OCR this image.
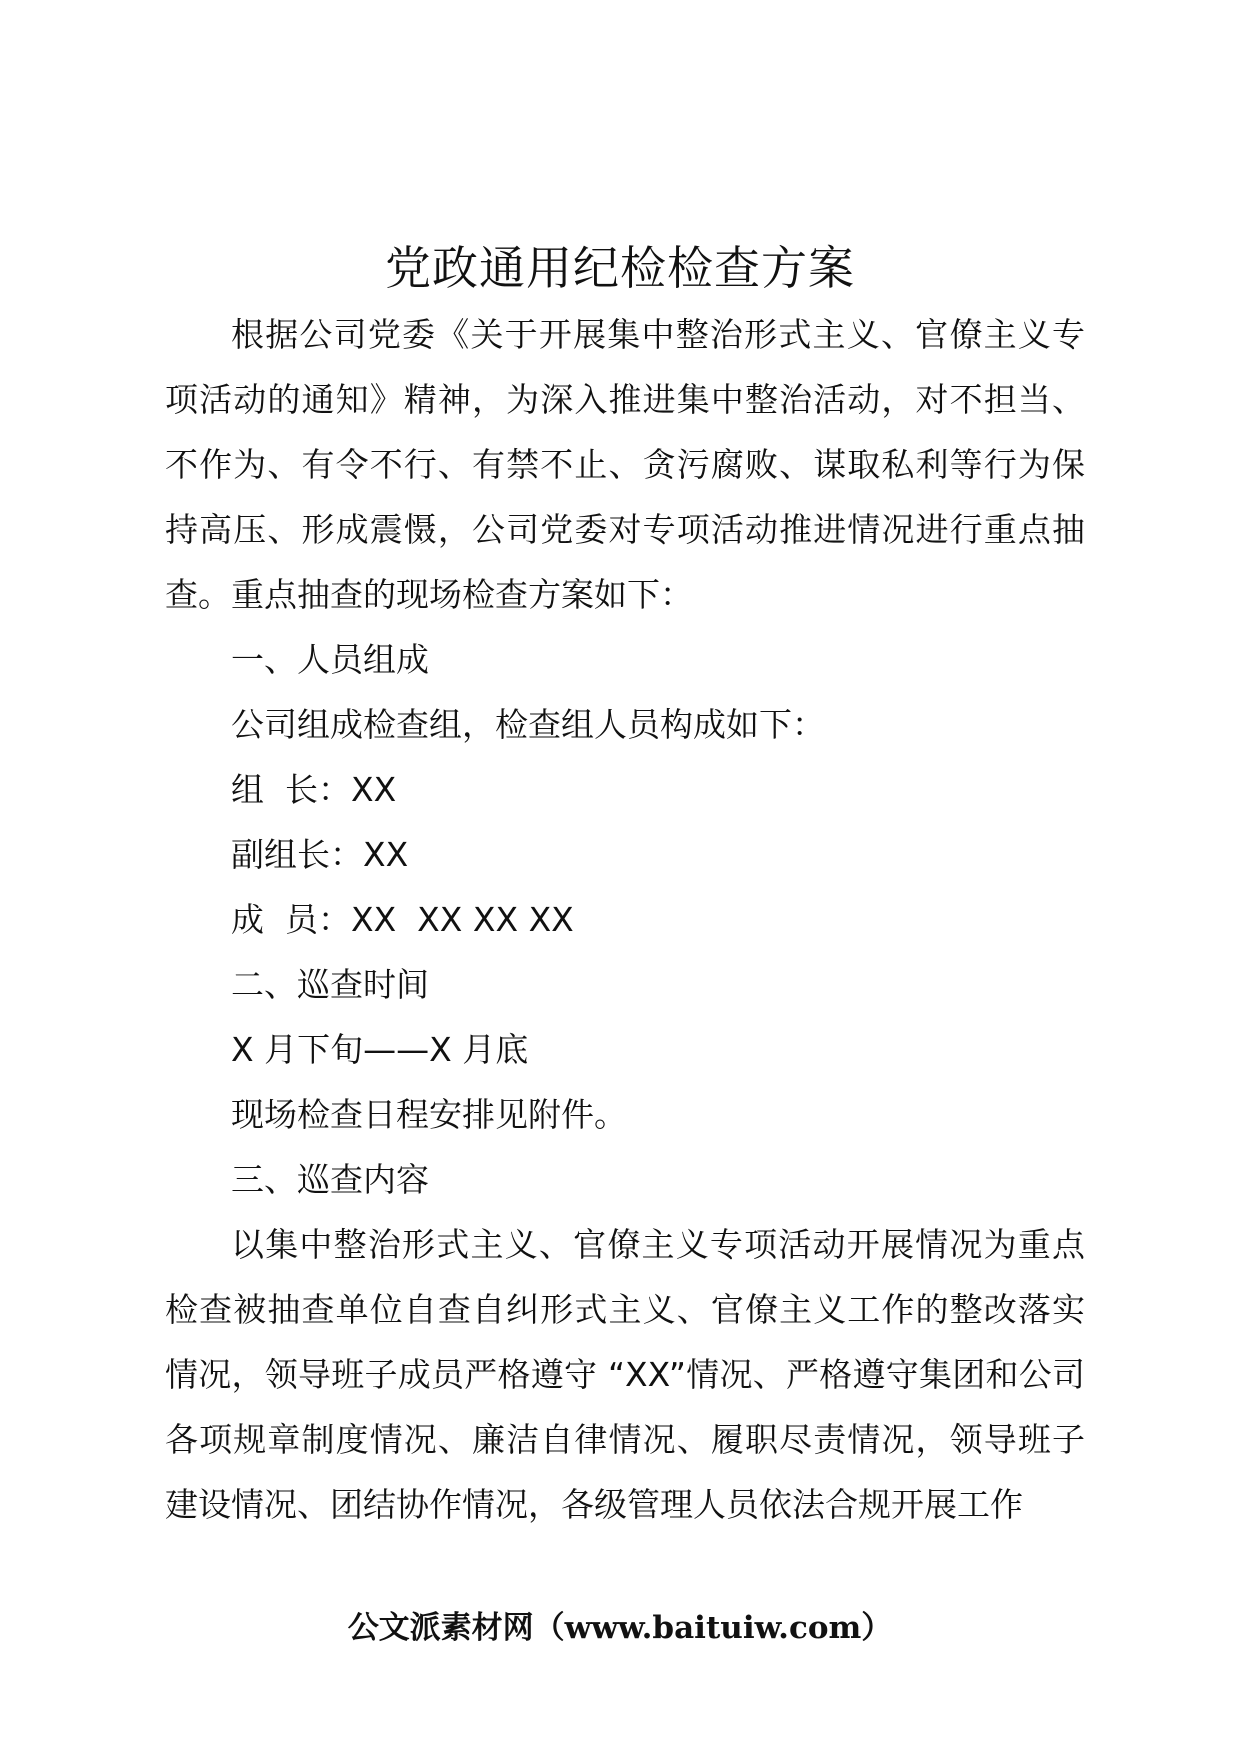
党政通用纪检检查方案

根据公司党委《关于开展集中整治形式主义、官僚主义专项活动的通知》精神，为深入推进集中整治活动，对不担当、不作为、有令不行、有禁不止、贪污腐败、谋取私利等行为保持高压、形成震慑，公司党委对专项活动推进情况进行重点抽查。重点抽查的现场检查方案如下：

一、人员组成

公司组成检查组，检查组人员构成如下：

组  长：XX

副组长：XX

成  员：XX  XX XX XX

二、巡查时间

X 月下旬——X 月底

现场检查日程安排见附件。

三、巡查内容

以集中整治形式主义、官僚主义专项活动开展情况为重点检查被抽查单位自查自纠形式主义、官僚主义工作的整改落实情况，领导班子成员严格遵守 “XX”情况、严格遵守集团和公司各项规章制度情况、廉洁自律情况、履职尽责情况，领导班子建设情况、团结协作情况，各级管理人员依法合规开展工作

公文派素材网（www.baituiw.com）
